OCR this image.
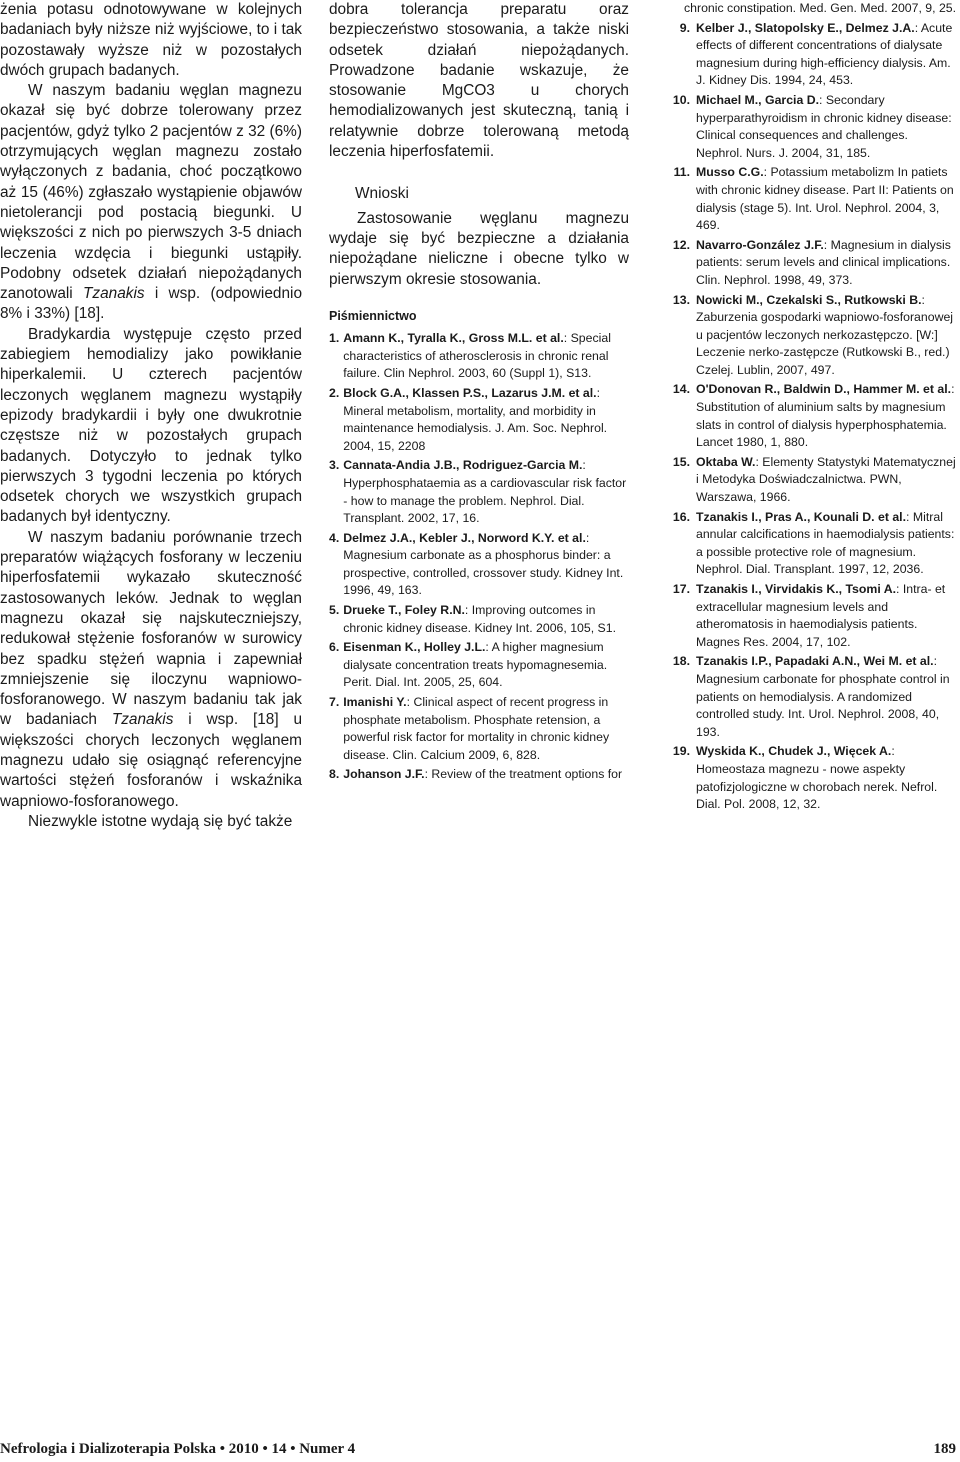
żenia potasu odnotowywane w kolejnych badaniach były niższe niż wyjściowe, to i tak pozostawały wyższe niż w pozostałych dwóch grupach badanych.

W naszym badaniu węglan magnezu okazał się być dobrze tolerowany przez pacjentów, gdyż tylko 2 pacjentów z 32 (6%) otrzymujących węglan magnezu zostało wyłączonych z badania, choć początkowo aż 15 (46%) zgłaszało wystąpienie objawów nietolerancji pod postacią biegunki. U większości z nich po pierwszych 3-5 dniach leczenia wzdęcia i biegunki ustąpiły. Podobny odsetek działań niepożądanych zanotowali Tzanakis i wsp. (odpowiednio 8% i 33%) [18].

Bradykardia występuje często przed zabiegiem hemodializy jako powikłanie hiperkalemii. U czterech pacjentów leczonych węglanem magnezu wystąpiły epizody bradykardii i były one dwukrotnie częstsze niż w pozostałych grupach badanych. Dotyczyło to jednak tylko pierwszych 3 tygodni leczenia po których odsetek chorych we wszystkich grupach badanych był identyczny.

W naszym badaniu porównanie trzech preparatów wiążących fosforany w leczeniu hiperfosfatemii wykazało skuteczność zastosowanych leków. Jednak to węglan magnezu okazał się najskuteczniejszy, redukował stężenie fosforanów w surowicy bez spadku stężeń wapnia i zapewniał zmniejszenie się iloczynu wapniowo-fosforanowego. W naszym badaniu tak jak w badaniach Tzanakis i wsp. [18] u większości chorych leczonych węglanem magnezu udało się osiągnąć referencyjne wartości stężeń fosforanów i wskaźnika wapniowo-fosforanowego.

Niezwykle istotne wydają się być także

dobra tolerancja preparatu oraz bezpieczeństwo stosowania, a także niski odsetek działań niepożądanych. Prowadzone badanie wskazuje, że stosowanie MgCO3 u chorych hemodializowanych jest skuteczną, tanią i relatywnie dobrze tolerowaną metodą leczenia hiperfosfatemii.

Wnioski

Zastosowanie węglanu magnezu wydaje się być bezpieczne a działania niepożądane nieliczne i obecne tylko w pierwszym okresie stosowania.

Piśmiennictwo
1. Amann K., Tyralla K., Gross M.L. et al.: Special characteristics of atherosclerosis in chronic renal failure. Clin Nephrol. 2003, 60 (Suppl 1), S13.
2. Block G.A., Klassen P.S., Lazarus J.M. et al.: Mineral metabolism, mortality, and morbidity in maintenance hemodialysis. J. Am. Soc. Nephrol. 2004, 15, 2208
3. Cannata-Andia J.B., Rodriguez-Garcia M.: Hyperphosphataemia as a cardiovascular risk factor - how to manage the problem. Nephrol. Dial. Transplant. 2002, 17, 16.
4. Delmez J.A., Kebler J., Norword K.Y. et al.: Magnesium carbonate as a phosphorus binder: a prospective, controlled, crossover study. Kidney Int. 1996, 49, 163.
5. Drueke T., Foley R.N.: Improving outcomes in chronic kidney disease. Kidney Int. 2006, 105, S1.
6. Eisenman K., Holley J.L.: A higher magnesium dialysate concentration treats hypomagnesemia. Perit. Dial. Int. 2005, 25, 604.
7. Imanishi Y.: Clinical aspect of recent progress in phosphate metabolism. Phosphate retension, a powerful risk factor for mortality in chronic kidney disease. Clin. Calcium 2009, 6, 828.
8. Johanson J.F.: Review of the treatment options for
chronic constipation. Med. Gen. Med. 2007, 9, 25.
9. Kelber J., Slatopolsky E., Delmez J.A.: Acute effects of different concentrations of dialysate magnesium during high-efficiency dialysis. Am. J. Kidney Dis. 1994, 24, 453.
10. Michael M., Garcia D.: Secondary hyperparathyroidism in chronic kidney disease: Clinical consequences and challenges. Nephrol. Nurs. J. 2004, 31, 185.
11. Musso C.G.: Potassium metabolizm In patiets with chronic kidney disease. Part II: Patients on dialysis (stage 5). Int. Urol. Nephrol. 2004, 3, 469.
12. Navarro-González J.F.: Magnesium in dialysis patients: serum levels and clinical implications. Clin. Nephrol. 1998, 49, 373.
13. Nowicki M., Czekalski S., Rutkowski B.: Zaburzenia gospodarki wapniowo-fosforanowej u pacjentów leczonych nerkozastępczo. [W:] Leczenie nerko-zastępcze (Rutkowski B., red.) Czelej. Lublin, 2007, 497.
14. O'Donovan R., Baldwin D., Hammer M. et al.: Substitution of aluminium salts by magnesium slats in control of dialysis hyperphosphatemia. Lancet 1980, 1, 880.
15. Oktaba W.: Elementy Statystyki Matematycznej i Metodyka Doświadczalnictwa. PWN, Warszawa, 1966.
16. Tzanakis I., Pras A., Kounali D. et al.: Mitral annular calcifications in haemodialysis patients: a possible protective role of magnesium. Nephrol. Dial. Transplant. 1997, 12, 2036.
17. Tzanakis I., Virvidakis K., Tsomi A.: Intra- et extracellular magnesium levels and atheromatosis in haemodialysis patients. Magnes Res. 2004, 17, 102.
18. Tzanakis I.P., Papadaki A.N., Wei M. et al.: Magnesium carbonate for phosphate control in patients on hemodialysis. A randomized controlled study. Int. Urol. Nephrol. 2008, 40, 193.
19. Wyskida K., Chudek J., Więcek A.: Homeostaza magnezu - nowe aspekty patofizjologiczne w chorobach nerek. Nefrol. Dial. Pol. 2008, 12, 32.
Nefrologia i Dializoterapia Polska • 2010 • 14 • Numer 4	189
